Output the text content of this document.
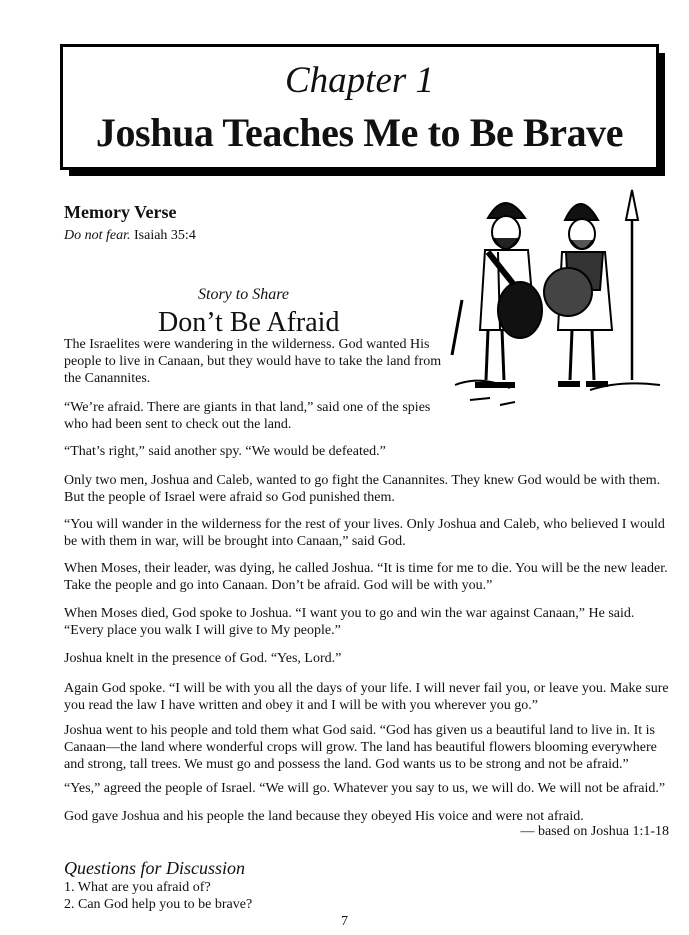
Chapter 1
Joshua Teaches Me to Be Brave
Memory Verse
Do not fear. Isaiah 35:4
Story to Share
Don’t Be Afraid

The Israelites were wandering in the wilderness. God wanted His people to live in Canaan, but they would have to take the land from the Canannites.

“We’re afraid. There are giants in that land,” said one of the spies who had been sent to check out the land.

“That’s right,” said another spy. “We would be defeated.”

Only two men, Joshua and Caleb, wanted to go fight the Canannites. They knew God would be with them. But the people of Israel were afraid so God punished them.

“You will wander in the wilderness for the rest of your lives. Only Joshua and Caleb, who believed I would be with them in war, will be brought into Canaan,” said God.

When Moses, their leader, was dying, he called Joshua. “It is time for me to die. You will be the new leader. Take the people and go into Canaan. Don’t be afraid. God will be with you.”

When Moses died, God spoke to Joshua. “I want you to go and win the war against Canaan,” He said. “Every place you walk I will give to My people.”

Joshua knelt in the presence of God. “Yes, Lord.”

Again God spoke. “I will be with you all the days of your life. I will never fail you, or leave you. Make sure you read the law I have written and obey it and I will be with you wherever you go.”

Joshua went to his people and told them what God said. “God has given us a beautiful land to live in. It is Canaan—the land where wonderful crops will grow. The land has beautiful flowers blooming everywhere and strong, tall trees. We must go and possess the land. God wants us to be strong and not be afraid.”

“Yes,” agreed the people of Israel. “We will go. Whatever you say to us, we will do. We will not be afraid.”

God gave Joshua and his people the land because they obeyed His voice and were not afraid.

— based on Joshua 1:1-18
Questions for Discussion
1. What are you afraid of?
2. Can God help you to be brave?
7
